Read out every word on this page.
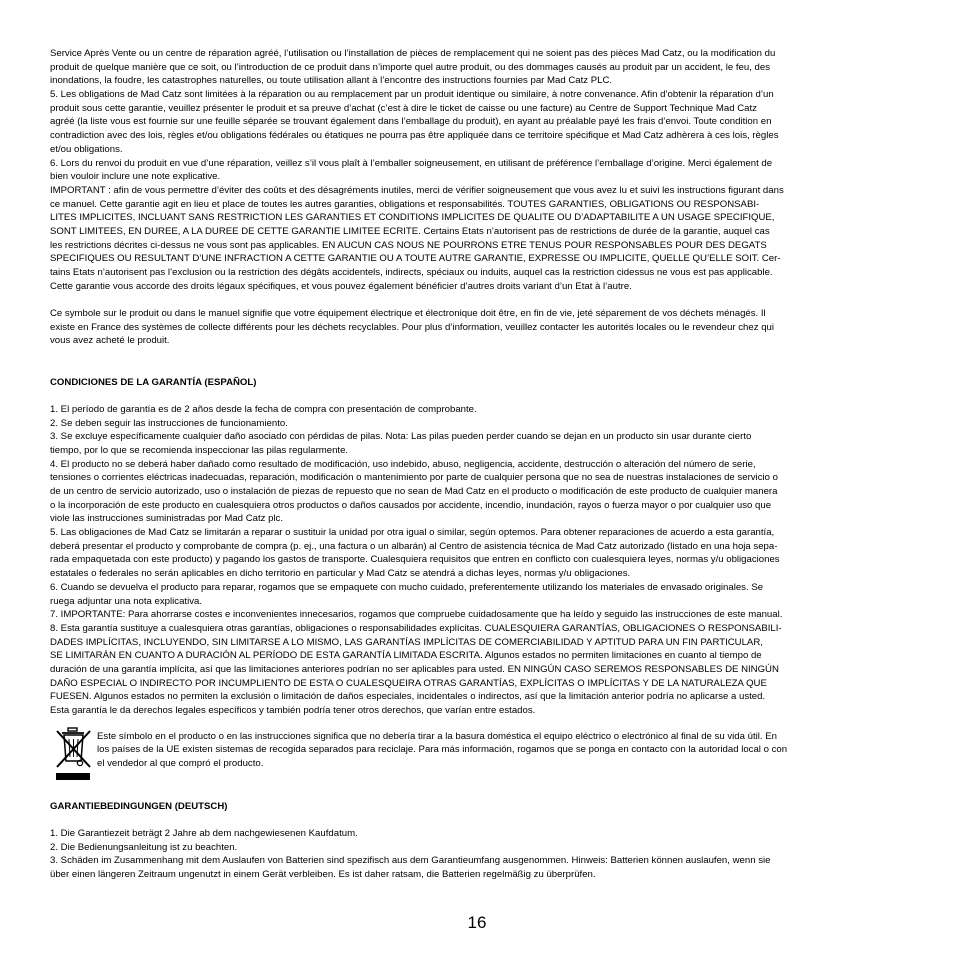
Service Après Vente ou un centre de réparation agréé, l’utilisation ou l’installation de pièces de remplacement qui ne soient pas des pièces Mad Catz, ou la modification du
produit de quelque manière que ce soit, ou l’introduction de ce produit dans n’importe quel autre produit, ou des dommages causés au produit par un accident, le feu, des
inondations, la foudre, les catastrophes naturelles, ou toute utilisation allant à l’encontre des instructions fournies par Mad Catz PLC.
5. Les obligations de Mad Catz sont limitées à la réparation ou au remplacement par un produit identique ou similaire, à notre convenance. Afin d’obtenir la réparation d’un
produit sous cette garantie, veuillez présenter le produit et sa preuve d’achat (c’est à dire le ticket de caisse ou une facture) au Centre de Support Technique Mad Catz
agréé (la liste vous est fournie sur une feuille séparée se trouvant également dans l’emballage du produit), en ayant au préalable payé les frais d’envoi. Toute condition en
contradiction avec des lois, règles et/ou obligations fédérales ou étatiques ne pourra pas être appliquée dans ce territoire spécifique et Mad Catz adhèrera à ces lois, règles
et/ou obligations.
6. Lors du renvoi du produit en vue d’une réparation, veillez s’il vous plaît à l’emballer soigneusement, en utilisant de préférence l’emballage d’origine. Merci également de
bien vouloir inclure une note explicative.
IMPORTANT : afin de vous permettre d’éviter des coûts et des désagréments inutiles, merci de vérifier soigneusement que vous avez lu et suivi les instructions figurant dans
ce manuel. Cette garantie agit en lieu et place de toutes les autres garanties, obligations et responsabilités. TOUTES GARANTIES, OBLIGATIONS OU RESPONSABI-
LITES IMPLICITES, INCLUANT SANS RESTRICTION LES GARANTIES ET CONDITIONS IMPLICITES DE QUALITE OU D’ADAPTABILITE A UN USAGE SPECIFIQUE,
SONT LIMITEES, EN DUREE, A LA DUREE DE CETTE GARANTIE LIMITEE ECRITE. Certains Etats n’autorisent pas de restrictions de durée de la garantie, auquel cas
les restrictions décrites ci-dessus ne vous sont pas applicables. EN AUCUN CAS NOUS NE POURRONS ETRE TENUS POUR RESPONSABLES POUR DES DEGATS
SPECIFIQUES OU RESULTANT D’UNE INFRACTION A CETTE GARANTIE OU A TOUTE AUTRE GARANTIE, EXPRESSE OU IMPLICITE, QUELLE QU’ELLE SOIT. Cer-
tains Etats n’autorisent pas l’exclusion ou la restriction des dégâts accidentels, indirects, spéciaux ou induits, auquel cas la restriction cidessus ne vous est pas applicable.
Cette garantie vous accorde des droits légaux spécifiques, et vous pouvez également bénéficier d’autres droits variant d’un Etat à l’autre.
Ce symbole sur le produit ou dans le manuel signifie que votre équipement électrique et électronique doit être, en fin de vie, jeté séparement de vos déchets ménagés. Il
existe en France des systèmes de collecte différents pour les déchets recyclables. Pour plus d’information, veuillez contacter les autorités locales ou le revendeur chez qui
vous avez acheté le produit.
CONDICIONES DE LA GARANTÍA (ESPAÑOL)
1. El período de garantía es de 2 años desde la fecha de compra con presentación de comprobante.
2. Se deben seguir las instrucciones de funcionamiento.
3. Se excluye específicamente cualquier daño asociado con pérdidas de pilas. Nota: Las pilas pueden perder cuando se dejan en un producto sin usar durante cierto
tiempo, por lo que se recomienda inspeccionar las pilas regularmente.
4. El producto no se deberá haber dañado como resultado de modificación, uso indebido, abuso, negligencia, accidente, destrucción o alteración del número de serie,
tensiones o corrientes eléctricas inadecuadas, reparación, modificación o mantenimiento por parte de cualquier persona que no sea de nuestras instalaciones de servicio o
de un centro de servicio autorizado, uso o instalación de piezas de repuesto que no sean de Mad Catz en el producto o modificación de este producto de cualquier manera
o la incorporación de este producto en cualesquiera otros productos o daños causados por accidente, incendio, inundación, rayos o fuerza mayor o por cualquier uso que
viole las instrucciones suministradas por Mad Catz plc.
5. Las obligaciones de Mad Catz se limitarán a reparar o sustituir la unidad por otra igual o similar, según optemos. Para obtener reparaciones de acuerdo a esta garantía,
deberá presentar el producto y comprobante de compra (p. ej., una factura o un albarán) al Centro de asistencia técnica de Mad Catz autorizado (listado en una hoja sepa-
rada empaquetada con este producto) y pagando los gastos de transporte. Cualesquiera requisitos que entren en conflicto con cualesquiera leyes, normas y/u obligaciones
estatales o federales no serán aplicables en dicho territorio en particular y Mad Catz se atendrá a dichas leyes, normas y/u obligaciones.
6. Cuando se devuelva el producto para reparar, rogamos que se empaquete con mucho cuidado, preferentemente utilizando los materiales de envasado originales. Se
ruega adjuntar una nota explicativa.
7. IMPORTANTE: Para ahorrarse costes e inconvenientes innecesarios, rogamos que compruebe cuidadosamente que ha leído y seguido las instrucciones de este manual.
8. Esta garantía sustituye a cualesquiera otras garantías, obligaciones o responsabilidades explícitas. CUALESQUIERA GARANTÍAS, OBLIGACIONES O RESPONSABILI-
DADES IMPLÍCITAS, INCLUYENDO, SIN LIMITARSE A LO MISMO, LAS GARANTÍAS IMPLÍCITAS DE COMERCIABILIDAD Y APTITUD PARA UN FIN PARTICULAR,
SE LIMITARÁN EN CUANTO A DURACIÓN AL PERÍODO DE ESTA GARANTÍA LIMITADA ESCRITA. Algunos estados no permiten limitaciones en cuanto al tiempo de
duración de una garantía implícita, así que las limitaciones anteriores podrían no ser aplicables para usted. EN NINGÚN CASO SEREMOS RESPONSABLES DE NINGÚN
DAÑO ESPECIAL O INDIRECTO POR INCUMPLIENTO DE ESTA O CUALESQUEIRA OTRAS GARANTÍAS, EXPLÍCITAS O IMPLÍCITAS Y DE LA NATURALEZA QUE
FUESEN. Algunos estados no permiten la exclusión o limitación de daños especiales, incidentales o indirectos, así que la limitación anterior podría no aplicarse a usted.
Esta garantía le da derechos legales específicos y también podría tener otros derechos, que varían entre estados.
Este símbolo en el producto o en las instrucciones significa que no debería tirar a la basura doméstica el equipo eléctrico o electrónico al final de su vida útil. En
los países de la UE existen sistemas de recogida separados para reciclaje. Para más información, rogamos que se ponga en contacto con la autoridad local o con
el vendedor al que compró el producto.
GARANTIEBEDINGUNGEN (DEUTSCH)
1. Die Garantiezeit beträgt 2 Jahre ab dem nachgewiesenen Kaufdatum.
2. Die Bedienungsanleitung ist zu beachten.
3. Schäden im Zusammenhang mit dem Auslaufen von Batterien sind spezifisch aus dem Garantieumfang ausgenommen. Hinweis: Batterien können auslaufen, wenn sie
über einen längeren Zeitraum ungenutzt in einem Gerät verbleiben. Es ist daher ratsam, die Batterien regelmäßig zu überprüfen.
16
